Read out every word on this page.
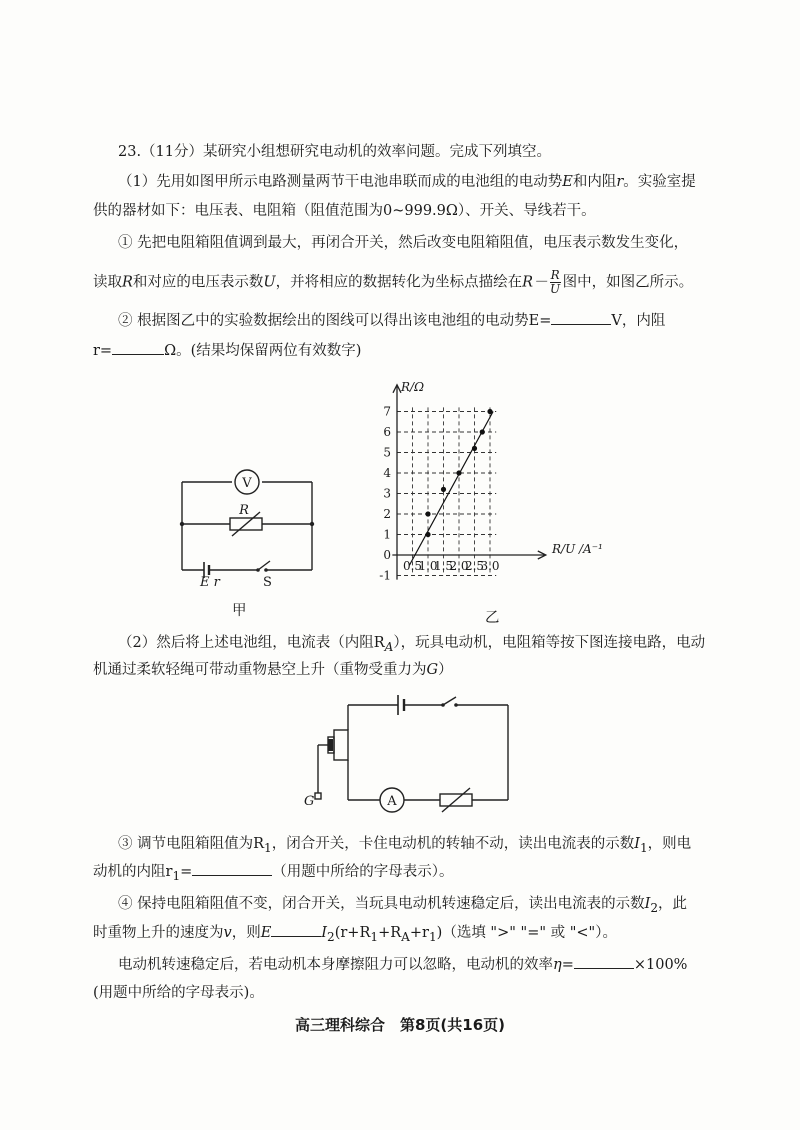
23.（11分）某研究小组想研究电动机的效率问题。完成下列填空。
（1）先用如图甲所示电路测量两节干电池串联而成的电池组的电动势E和内阻r。实验室提
供的器材如下：电压表、电阻箱（阻值范围为0~999.9Ω）、开关、导线若干。
① 先把电阻箱阻值调到最大，再闭合开关，然后改变电阻箱阻值，电压表示数发生变化，
读取R和对应的电压表示数U，并将相应的数据转化为坐标点描绘在$R- \frac{R}{U}$ 图中，如图乙所示。
② 根据图乙中的实验数据绘出的图线可以得出该电池组的电动势E=	V，内阻
r=	Ω。(结果均保留两位有效数字)
V
R
E r	S
甲
R/Ω
R/U /A⁻¹
7
6
5
4
3
2
1
0
-1
0.5
1.0
1.5
2.0
2.5
3.0
乙
（2）然后将上述电池组，电流表（内阻$R_A$），玩具电动机，电阻箱等按下图连接电路，电动
机通过柔软轻绳可带动重物悬空上升（重物受重力为G）
A
G
③ 调节电阻箱阻值为$R_1$，闭合开关，卡住电动机的转轴不动，读出电流表的示数$I_1$，则电
动机的内阻$r_1=$	（用题中所给的字母表示）。
④ 保持电阻箱阻值不变，闭合开关，当玩具电动机转速稳定后，读出电流表的示数$I_2$，此
时重物上升的速度为v，则E	$I_2(r+R_1+R_A+r_1)$（选填 ">" "=" 或 "<"）。
电动机转速稳定后，若电动机本身摩擦阻力可以忽略，电动机的效率η=	×100%
(用题中所给的字母表示)。
高三理科综合　第8页(共16页)
